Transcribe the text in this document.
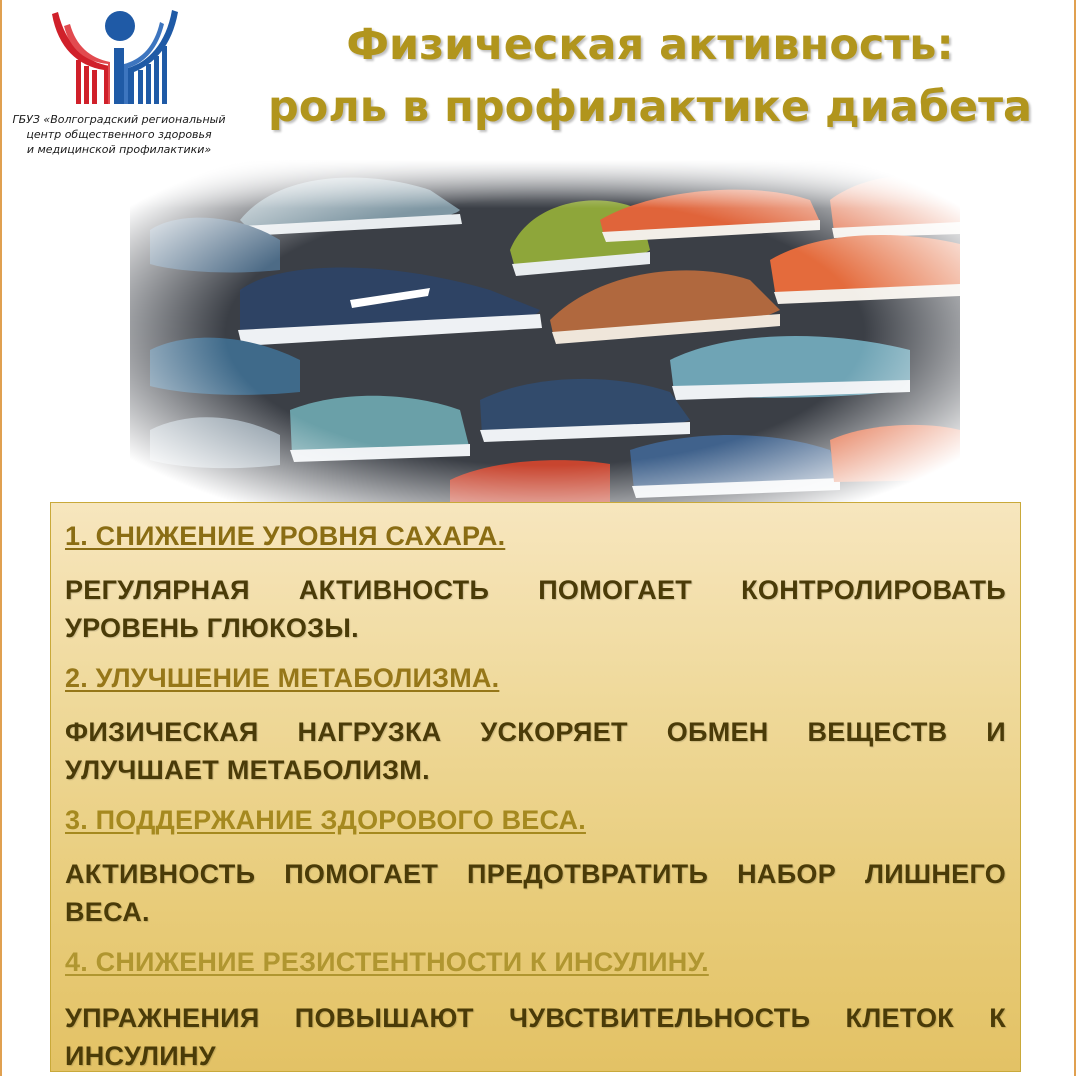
ГБУЗ «Волгоградский региональный
центр общественного здоровья
и медицинской профилактики»
Физическая активность:
роль в профилактике диабета

1. СНИЖЕНИЕ УРОВНЯ САХАРА.

РЕГУЛЯРНАЯ АКТИВНОСТЬ ПОМОГАЕТ КОНТРОЛИРОВАТЬ УРОВЕНЬ ГЛЮКОЗЫ.

2. УЛУЧШЕНИЕ МЕТАБОЛИЗМА.

ФИЗИЧЕСКАЯ НАГРУЗКА УСКОРЯЕТ ОБМЕН ВЕЩЕСТВ И УЛУЧШАЕТ МЕТАБОЛИЗМ.

3. ПОДДЕРЖАНИЕ ЗДОРОВОГО ВЕСА.

АКТИВНОСТЬ ПОМОГАЕТ ПРЕДОТВРАТИТЬ НАБОР ЛИШНЕГО ВЕСА.

4. СНИЖЕНИЕ РЕЗИСТЕНТНОСТИ К ИНСУЛИНУ.

УПРАЖНЕНИЯ ПОВЫШАЮТ ЧУВСТВИТЕЛЬНОСТЬ КЛЕТОК К ИНСУЛИНУ
